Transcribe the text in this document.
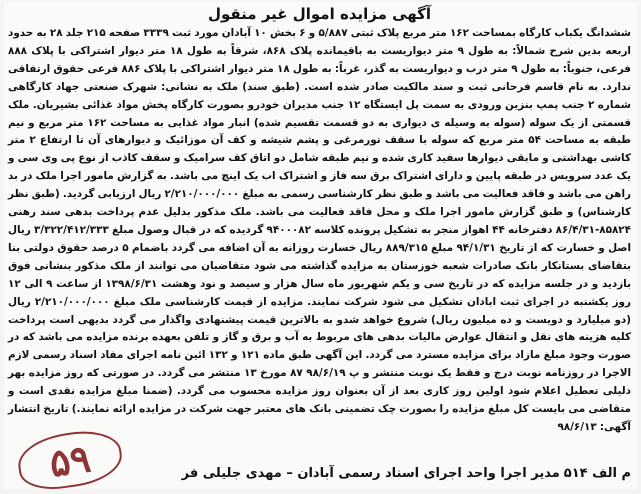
آگهی مزایده اموال غیر منقول

ششدانگ یکباب کارگاه بمساحت ۱۶۲ متر مربع پلاک ثبتی ۵/۸۸۷ و ۶ بخش ۱۰ آبادان مورد ثبت ۳۳۳۹ صفحه ۲۱۵ جلد ۲۸ به حدود اربعه بدین شرح شمالاً: به طول ۹ متر دیواریست به باقیمانده پلاک ۸۶۸، شرقاً به طول ۱۸ متر دیوار اشتراکی با پلاک ۸۸۸ فرعی، جنوباً: به طول ۹ متر درب و دیواریست به گذر، غرباً: به طول ۱۸ متر دیوار اشتراکی با پلاک ۸۸۶ فرعی حقوق ارتفاقی ندارد. به نام قاسم فرحانی ثبت و سند مالکیت صادر شده است. (طبق سند) ملک به نشانی: شهرک صنعتی جهاد کارگاهی شماره ۲ جنب پمپ بنزین ورودی به سمت پل ایستگاه ۱۲ جنب مدیران خودرو بصورت کارگاه پخش مواد غذائی بشیریان. ملک قسمتی از یک سوله (سوله به وسیله ی دیواری به دو قسمت تقسیم شده) انبار مواد غذایی به مساحت ۱۶۲ متر مربع و نیم طبقه به مساحت ۵۴ متر مربع که سوله با سقف تورمرغی و پشم شیشه و کف آن موزائیک و دیوارهای آن تا ارتفاع ۲ متر کاشی بهداشتی و مابقی دیوارها سفید کاری شده و نیم طبقه شامل دو اتاق کف سرامیک و سقف کاذب از نوع پی وی سی و یک عدد سرویس در طبقه پایین و دارای اشتراک برق سه فاز و اشتراک اب یک اینچ می باشد. به گزارش مامور اجرا ملک در بد راهن می باشد و فاقد فعالیت می باشد و طبق نظر کارشناسی رسمی به مبلغ ۲/۲۱۰/۰۰۰/۰۰۰ ریال ارزیابی گردید. (طبق نظر کارشناس) و طبق گزارش مامور اجرا ملک و محل فاقد فعالیت می باشد. ملک مذکور بدلیل عدم پرداخت بدهی سند رهنی ۸۵۸۲۴-۸۶/۴/۳۱ دفترخانه ۴۴ اهواز منجر به تشکیل پرونده کلاسه ۹۴۰۰۰۸۲ گردیده که در قبال وصول مبلغ ۳/۳۲۲/۴۱۲/۳۳۳ ریال اصل و خسارت که از تاریخ ۹۴/۱/۳۱ مبلغ ۸۸۹/۳۱۵ ریال خسارت روزانه به آن اضافه می گردد باضمام ۵ درصد حقوق دولتی بنا بتقاضای بستانکار بانک صادرات شعبه خوزستان به مزایده گذاشته می شود متقاضیان می توانند از ملک مذکور بنشانی فوق بازدید و در جلسه مزایده که در تاریخ سی و یکم شهریور ماه سال هزار و سیصد و نود وهشت ۱۳۹۸/۶/۳۱ از ساعت ۹ الی ۱۲ روز یکشنبه در اجرای ثبت ابادان تشکیل می شود شرکت نمایند. مزایده از قیمت کارشناسی ملک مبلغ ۲/۲۱۰/۰۰۰/۰۰۰ ریال (دو میلیارد و دویست و ده میلیون ریال) شروع خواهد شدو به بالاترین قیمت پیشنهادی واگذار می گردد بدیهی است پرداخت کلیه هزینه های نقل و انتقال عوارض مالیات بدهی های مربوط به آب و برق و گاز و تلفن بعهده برنده مزایده می باشد که در صورت وجود مبلغ مازاد برای مزایده مسترد می گردد. این آگهی طبق ماده ۱۲۱ و ۱۳۲ ائین نامه اجرای مفاد اسناد رسمی لازم الاجرا در روزنامه نوبت درج و فقط یک نوبت منتشر و پ ۹۸/۶/۱۹ ۸۷ مورخ ۱۳ منتشر می گردد. در صورتی که روز مزایده بهر دلیلی تعطیل اعلام شود اولین روز کاری بعد از آن بعنوان روز مزایده محسوب می گردد. (ضمنا مبلغ مزایده نقدی است و متقاضی می بایست کل مبلغ مزایده را بصورت چک تضمینی بانک های معتبر جهت شرکت در مزایده ارائه نمایند.) تاریخ انتشار آگهی: ۹۸/۶/۱۳

م الف ۵۱۴
مدیر اجرا واحد اجرای اسناد رسمی آبادان – مهدی جلیلی فر
۵۹
